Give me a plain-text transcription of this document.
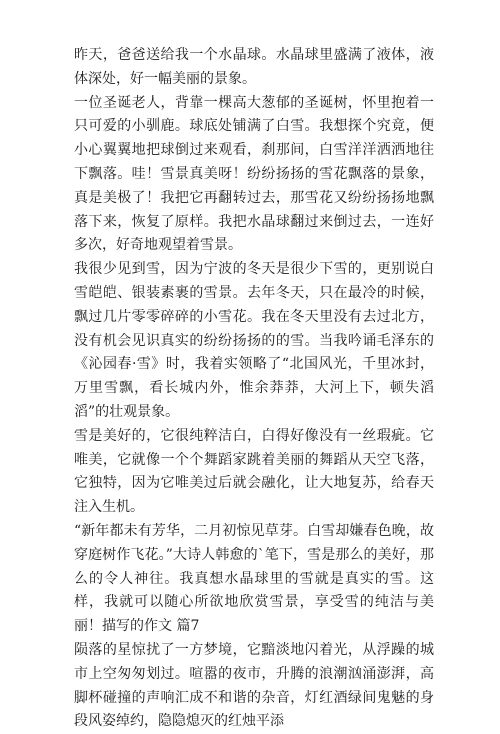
昨天，爸爸送给我一个水晶球。水晶球里盛满了液体，液体深处，好一幅美丽的景象。

一位圣诞老人，背靠一棵高大葱郁的圣诞树，怀里抱着一只可爱的小驯鹿。球底处铺满了白雪。我想探个究竟，便小心翼翼地把球倒过来观看，刹那间，白雪洋洋洒洒地往下飘落。哇！雪景真美呀！纷纷扬扬的雪花飘落的景象，真是美极了！我把它再翻转过去，那雪花又纷纷扬扬地飘落下来，恢复了原样。我把水晶球翻过来倒过去，一连好多次，好奇地观望着雪景。

我很少见到雪，因为宁波的冬天是很少下雪的，更别说白雪皑皑、银装素裹的雪景。去年冬天，只在最冷的时候，飘过几片零零碎碎的小雪花。我在冬天里没有去过北方，没有机会见识真实的纷纷扬扬的的雪。当我吟诵毛泽东的《沁园春·雪》时，我着实领略了“北国风光，千里冰封，万里雪飘，看长城内外，惟余莽莽，大河上下，顿失滔滔”的壮观景象。

雪是美好的，它很纯粹洁白，白得好像没有一丝瑕疵。它唯美，它就像一个个舞蹈家跳着美丽的舞蹈从天空飞落，它独特，因为它唯美过后就会融化，让大地复苏，给春天注入生机。

“新年都未有芳华，二月初惊见草芽。白雪却嫌春色晚，故穿庭树作飞花。”大诗人韩愈的`笔下，雪是那么的美好，那么的令人神往。我真想水晶球里的雪就是真实的雪。这样，我就可以随心所欲地欣赏雪景，享受雪的纯洁与美丽！描写的作文 篇7

陨落的星惊扰了一方梦境，它黯淡地闪着光，从浮躁的城市上空匆匆划过。喧嚣的夜市，升腾的浪潮汹涌澎湃，高脚杯碰撞的声响汇成不和谐的杂音，灯红酒绿间鬼魅的身段风姿绰约，隐隐熄灭的红烛平添
